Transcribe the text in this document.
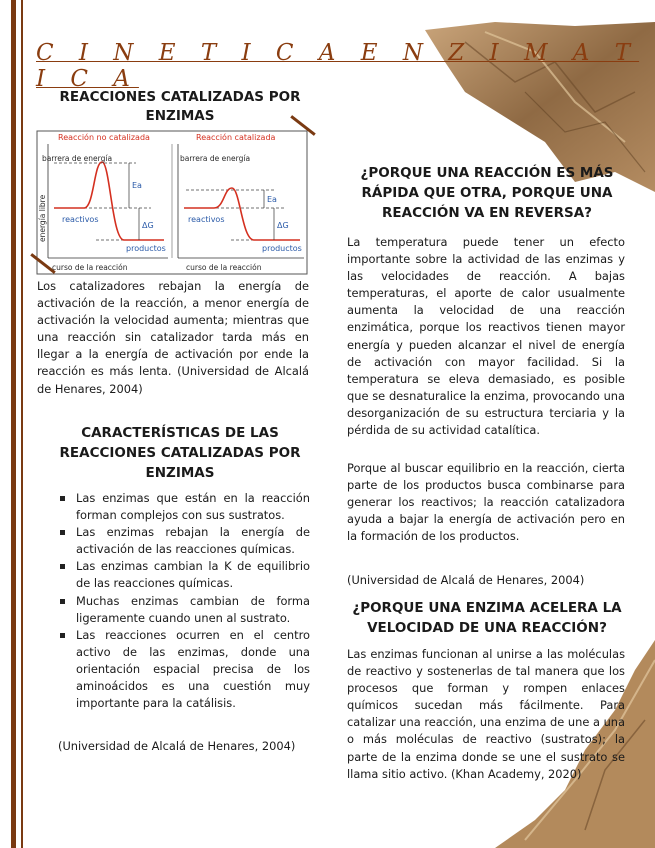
C I N E T I C A E N Z I M A T I C A
REACCIONES CATALIZADAS POR ENZIMAS
Reacción no catalizada	Reacción catalizada
Ea
ΔG
barrera de energía
reactivos
productos
curso de la reacción
energía libre	Ea
ΔG
barrera de energía
reactivos
productos
curso de la reacción
Los catalizadores rebajan la energía de activación de la reacción, a menor energía de activación la velocidad aumenta; mientras que una reacción sin catalizador tarda más en llegar a la energía de activación por ende la reacción es más lenta. (Universidad de Alcalá de Henares, 2004)
CARACTERÍSTICAS DE LAS REACCIONES CATALIZADAS POR ENZIMAS
Las enzimas que están en la reacción forman complejos con sus sustratos.
Las enzimas rebajan la energía de activación de las reacciones químicas.
Las enzimas cambian la K de equilibrio de las reacciones químicas.
Muchas enzimas cambian de forma ligeramente cuando unen al sustrato.
Las reacciones ocurren en el centro activo de las enzimas, donde una orientación espacial precisa de los aminoácidos es una cuestión muy importante para la catálisis.
(Universidad de Alcalá de Henares, 2004)
¿PORQUE UNA REACCIÓN ES MÁS RÁPIDA QUE OTRA, PORQUE UNA REACCIÓN VA EN REVERSA?
La temperatura puede tener un efecto importante sobre la actividad de las enzimas y las velocidades de reacción. A bajas temperaturas, el aporte de calor usualmente aumenta la velocidad de una reacción enzimática, porque los reactivos tienen mayor energía y pueden alcanzar el nivel de energía de activación con mayor facilidad. Si la temperatura se eleva demasiado, es posible que se desnaturalice la enzima, provocando una desorganización de su estructura terciaria y la pérdida de su actividad catalítica.
Porque al buscar equilibrio en la reacción, cierta parte de los productos busca combinarse para generar los reactivos; la reacción catalizadora ayuda a bajar la energía de activación pero en la formación de los productos.
(Universidad de Alcalá de Henares, 2004)
¿PORQUE UNA ENZIMA ACELERA LA VELOCIDAD DE UNA REACCIÓN?
Las enzimas funcionan al unirse a las moléculas de reactivo y sostenerlas de tal manera que los procesos que forman y rompen enlaces químicos sucedan más fácilmente. Para catalizar una reacción, una enzima de une a una o más moléculas de reactivo (sustratos); la parte de la enzima donde se une el sustrato se llama sitio activo. (Khan Academy, 2020)
